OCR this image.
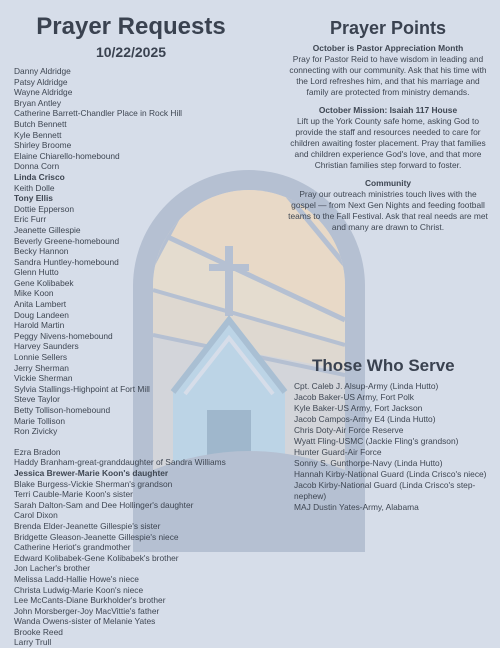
Prayer Requests
10/22/2025
Danny Aldridge
Patsy Aldridge
Wayne Aldridge
Bryan Antley
Catherine Barrett-Chandler Place in Rock Hill
Butch Bennett
Kyle Bennett
Shirley Broome
Elaine Chiarello-homebound
Donna Corn
Linda Crisco
Keith Dolle
Tony Ellis
Dottie Epperson
Eric Furr
Jeanette Gillespie
Beverly Greene-homebound
Becky Hannon
Sandra Huntley-homebound
Glenn Hutto
Gene Kolibabek
Mike Koon
Anita Lambert
Doug Landeen
Harold Martin
Peggy Nivens-homebound
Harvey Saunders
Lonnie Sellers
Jerry Sherman
Vickie Sherman
Sylvia Stallings-Highpoint at Fort Mill
Steve Taylor
Betty Tollison-homebound
Marie Tollison
Ron Zivicky
Ezra Bradon
Haddy Branham-great-granddaughter of Sandra Williams
Jessica Brewer-Marie Koon's daughter
Blake Burgess-Vickie Sherman's grandson
Terri Cauble-Marie Koon's sister
Sarah Dalton-Sam and Dee Hollinger's daughter
Carol Dixon
Brenda Elder-Jeanette Gillespie's sister
Bridgette Gleason-Jeanette Gillespie's niece
Catherine Heriot's grandmother
Edward Kolibabek-Gene Kolibabek's brother
Jon Lacher's brother
Melissa Ladd-Hallie Howe's niece
Christa Ludwig-Marie Koon's niece
Lee McCants-Diane Burkholder's brother
John Morsberger-Joy MacVittie's father
Wanda Owens-sister of Melanie Yates
Brooke Reed
Larry Trull
Prayer Points
October is Pastor Appreciation Month

Pray for Pastor Reid to have wisdom in leading and connecting with our community. Ask that his time with the Lord refreshes him, and that his marriage and family are protected from ministry demands.

October Mission: Isaiah 117 House

Lift up the York County safe home, asking God to provide the staff and resources needed to care for children awaiting foster placement. Pray that families and children experience God's love, and that more Christian families step forward to foster.

Community

Pray our outreach ministries touch lives with the gospel — from Next Gen Nights and feeding football teams to the Fall Festival. Ask that real needs are met and many are drawn to Christ.

Those Who Serve
Cpt. Caleb J. Alsup-Army (Linda Hutto)
Jacob Baker-US Army, Fort Polk
Kyle Baker-US Army, Fort Jackson
Jacob Campos-Army E4 (Linda Hutto)
Chris Doty-Air Force Reserve
Wyatt Fling-USMC (Jackie Fling's grandson)
Hunter Guard-Air Force
Sonny S. Gunthorpe-Navy (Linda Hutto)
Hannah Kirby-National Guard (Linda Crisco's niece)
Jacob Kirby-National Guard (Linda Crisco's step-nephew)
MAJ Dustin Yates-Army, Alabama
